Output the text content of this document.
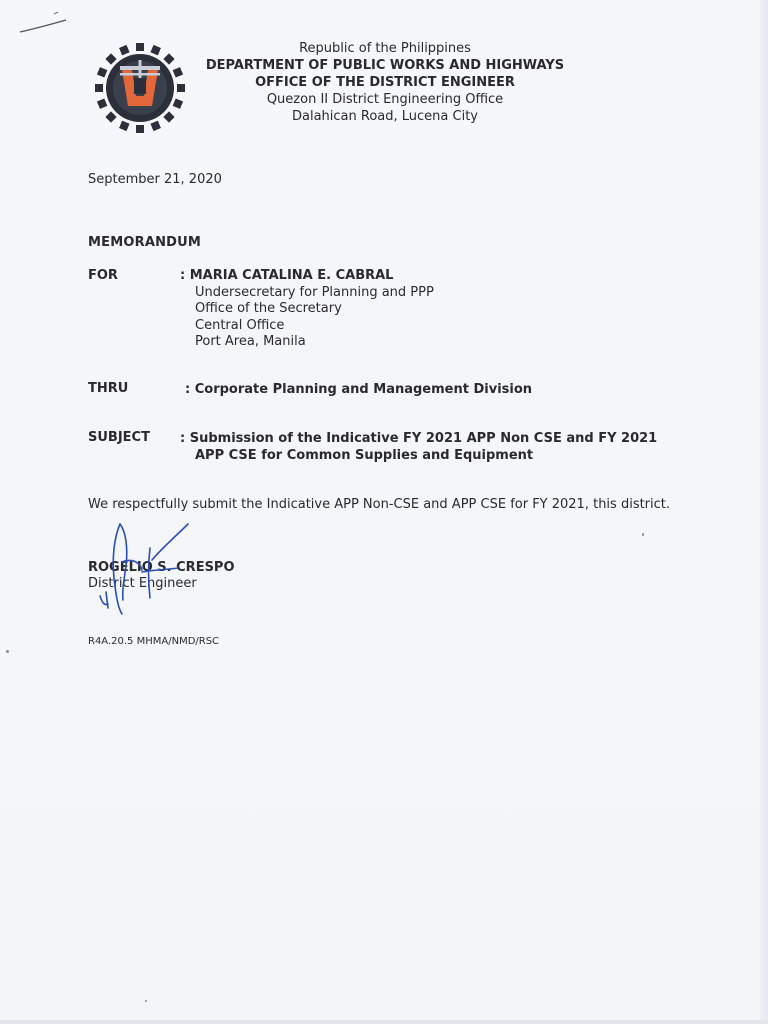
Republic of the Philippines
DEPARTMENT OF PUBLIC WORKS AND HIGHWAYS
OFFICE OF THE DISTRICT ENGINEER
Quezon II District Engineering Office
Dalahican Road, Lucena City
September 21, 2020
MEMORANDUM
FOR	: MARIA CATALINA E. CABRAL
Undersecretary for Planning and PPP
Office of the Secretary
Central Office
Port Area, Manila
THRU	: Corporate Planning and Management Division
SUBJECT : Submission of the Indicative FY 2021 APP Non CSE and FY 2021
APP CSE for Common Supplies and Equipment
We respectfully submit the Indicative APP Non-CSE and APP CSE for FY 2021, this district.
ROGELIO S. CRESPO
District Engineer
R4A.20.5 MHMA/NMD/RSC
